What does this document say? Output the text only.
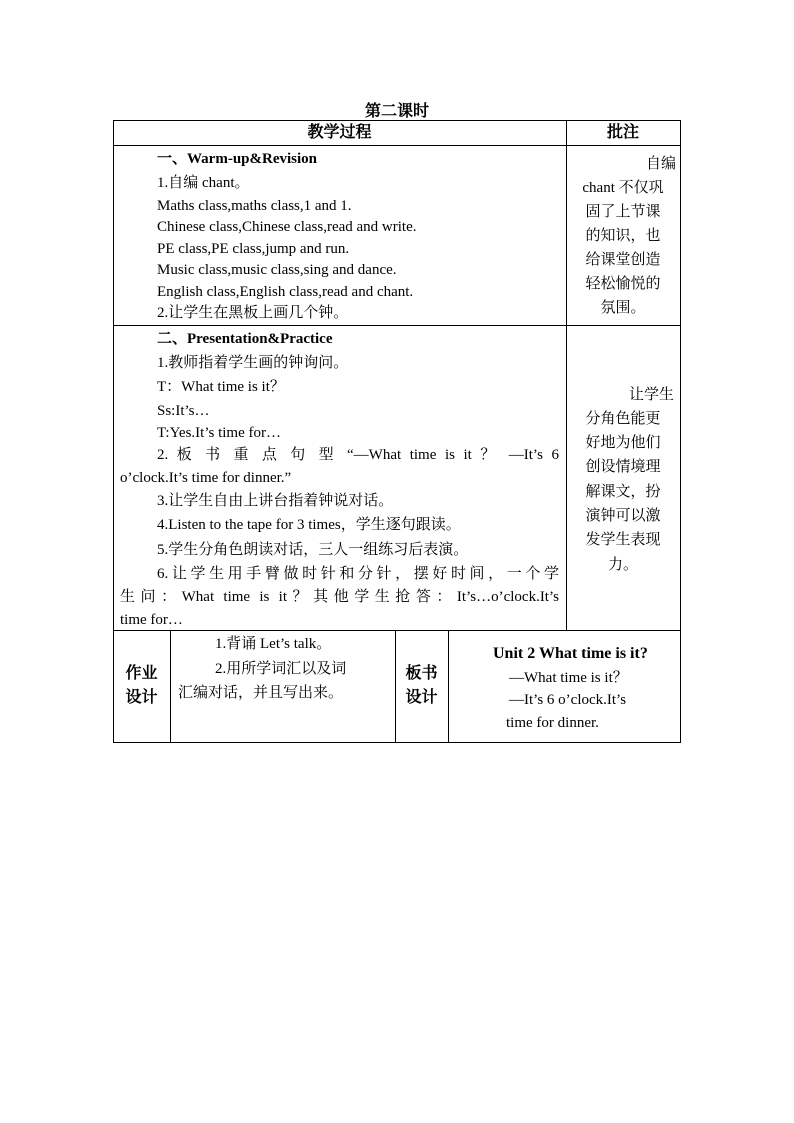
第二课时
教学过程	批注
一、Warm-up&Revision
1.自编 chant。
Maths class,maths class,1 and 1.
Chinese class,Chinese class,read and write.
PE class,PE class,jump and run.
Music class,music class,sing and dance.
English class,English class,read and chant.
2.让学生在黑板上画几个钟。
自编
chant 不仅巩
固了上节课
的知识，也
给课堂创造
轻松愉悦的
氛围。
二、Presentation&Practice
1.教师指着学生画的钟询问。
T：What time is it？
Ss:It’s…
T:Yes.It’s time for…
2. 板 书 重 点 句 型 “—What time is it ？ —It’s 6
o’clock.It’s time for dinner.”
3.让学生自由上讲台指着钟说对话。
4.Listen to the tape for 3 times，学生逐句跟读。
5.学生分角色朗读对话，三人一组练习后表演。
6.让学生用手臂做时针和分针，摆好时间，一个学
生问：What time is it？其他学生抢答：It’s…o’clock.It’s
time for…
让学生
分角色能更
好地为他们
创设情境理
解课文，扮
演钟可以激
发学生表现
力。
作业
设计
1.背诵 Let’s talk。
2.用所学词汇以及词
汇编对话，并且写出来。
板书
设计
Unit 2 What time is it?
—What time is it？
—It’s 6 o’clock.It’s
time for dinner.
